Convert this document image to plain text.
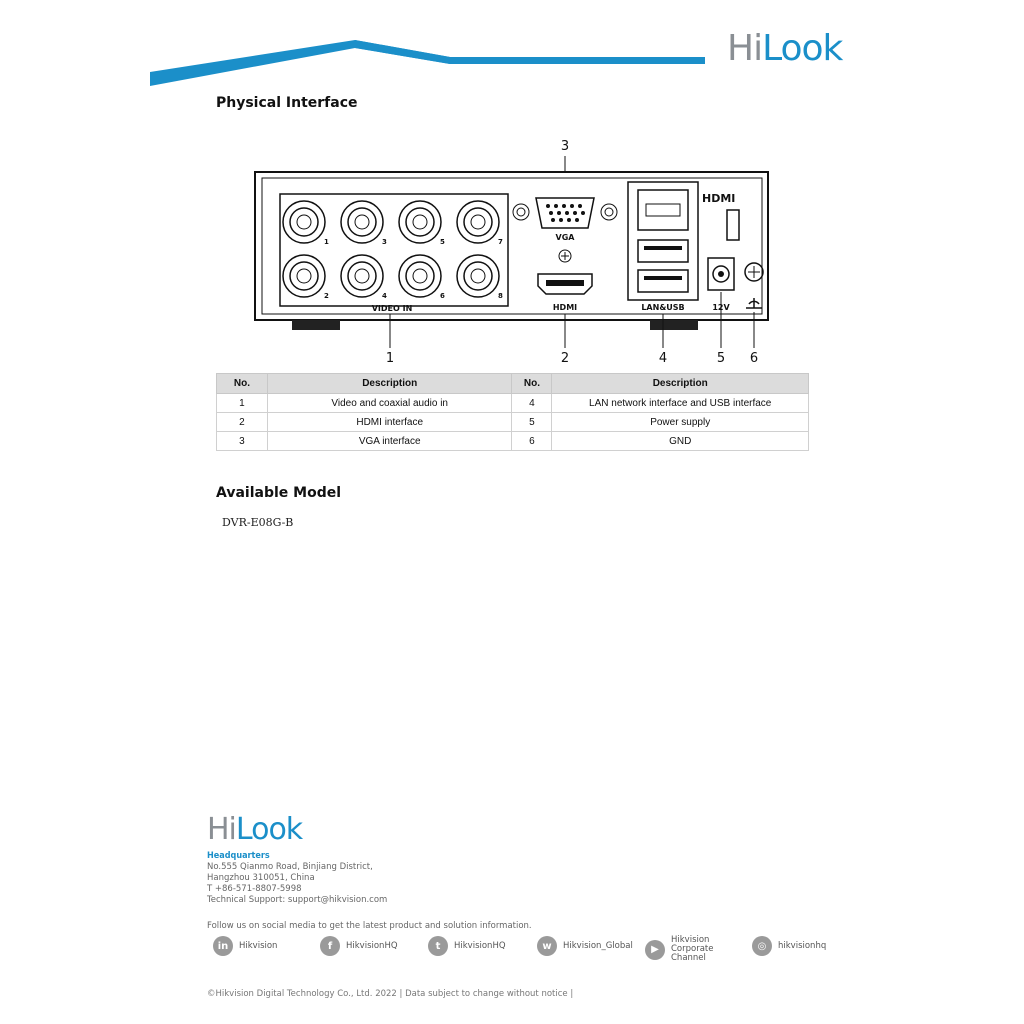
HiLook
Physical Interface
3
1	3	5	7
2	4	6	8
VIDEO IN
VGA
HDMI	LAN&USB
HDMI
12V
1	2	4	5 6
No.	Description	No.	Description
1	Video and coaxial audio in	4	LAN network interface and USB interface
2	HDMI interface	5	Power supply
3	VGA interface	6	GND
Available Model
DVR-E08G-B
HiLook
Headquarters
No.555 Qianmo Road, Binjiang District,
Hangzhou 310051, China
T +86-571-8807-5998
Technical Support: support@hikvision.com
Follow us on social media to get the latest product and solution information.
in	Hikvision	f	HikvisionHQ	t	HikvisionHQ	w	Hikvision_Global	▶
Hikvision Corporate Channel
◎	hikvisionhq
©Hikvision Digital Technology Co., Ltd. 2022 | Data subject to change without notice |
